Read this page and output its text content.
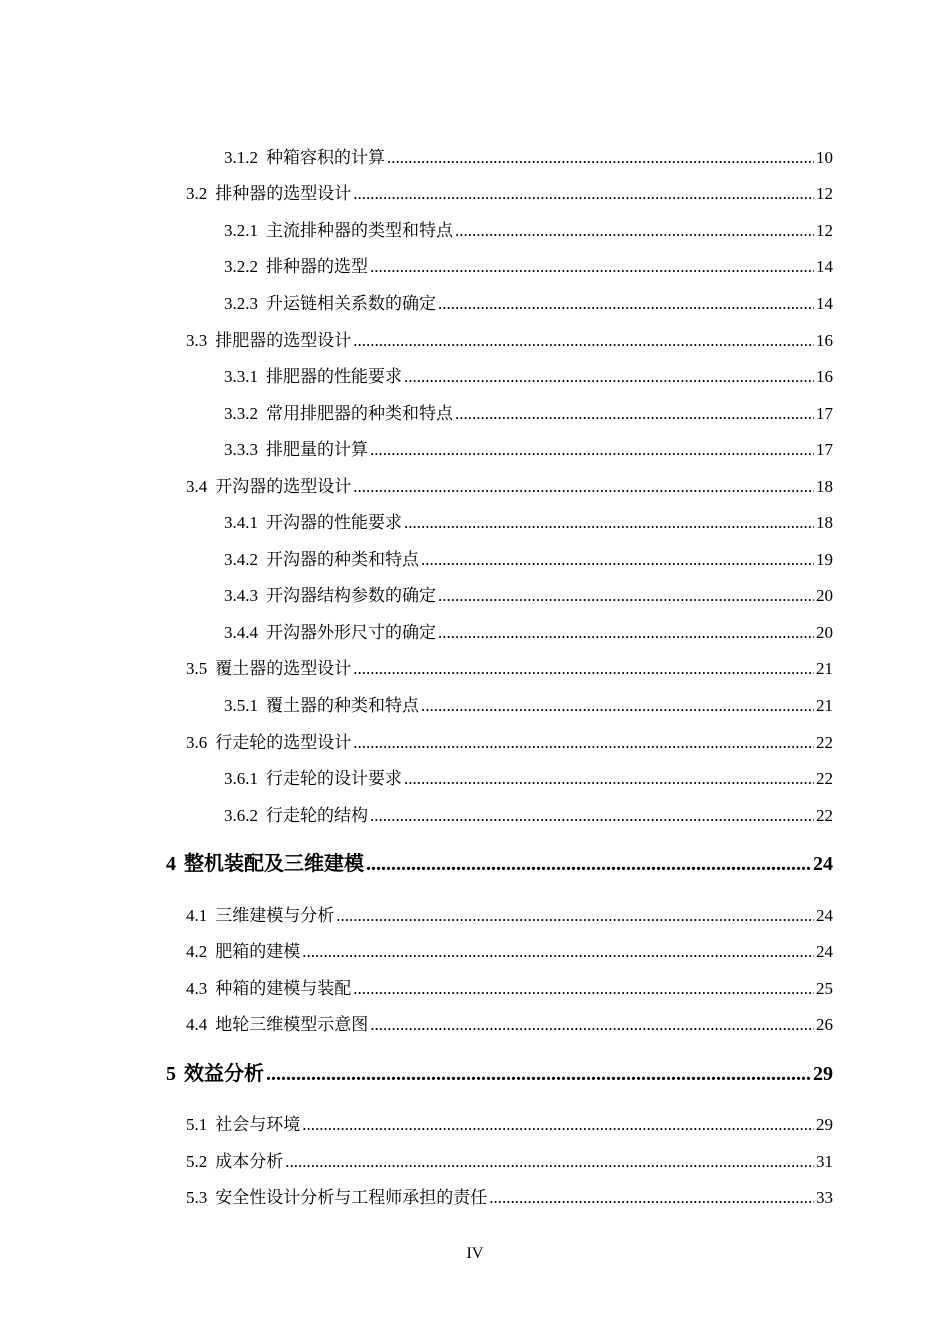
3.1.2 种箱容积的计算 .....	10
3.2 排种器的选型设计 .....	12
3.2.1 主流排种器的类型和特点 .....	12
3.2.2 排种器的选型 .....	14
3.2.3 升运链相关系数的确定 .....	14
3.3 排肥器的选型设计 .....	16
3.3.1 排肥器的性能要求 .....	16
3.3.2 常用排肥器的种类和特点 .....	17
3.3.3 排肥量的计算 .....	17
3.4 开沟器的选型设计 .....	18
3.4.1 开沟器的性能要求 .....	18
3.4.2 开沟器的种类和特点 .....	19
3.4.3 开沟器结构参数的确定 .....	20
3.4.4 开沟器外形尺寸的确定 .....	20
3.5 覆土器的选型设计 .....	21
3.5.1 覆土器的种类和特点 .....	21
3.6 行走轮的选型设计 .....	22
3.6.1 行走轮的设计要求 .....	22
3.6.2 行走轮的结构 .....	22
4 整机装配及三维建模 .....	24
4.1 三维建模与分析 .....	24
4.2 肥箱的建模 .....	24
4.3 种箱的建模与装配 .....	25
4.4 地轮三维模型示意图 .....	26
5 效益分析 .....	29
5.1 社会与环境 .....	29
5.2 成本分析 .....	31
5.3 安全性设计分析与工程师承担的责任 .....	33
IV
